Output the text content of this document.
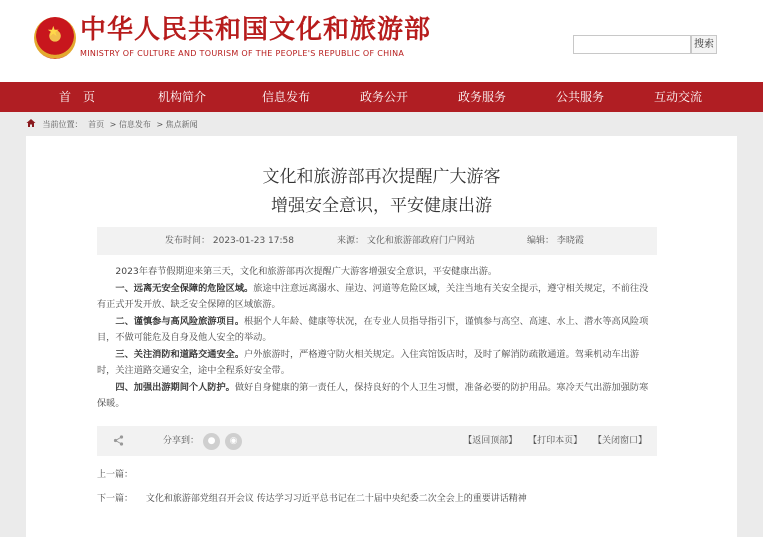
★ 中华人民共和国文化和旅游部
MINISTRY OF CULTURE AND TOURISM OF THE PEOPLE'S REPUBLIC OF CHINA
搜索
首　页	机构简介	信息发布	政务公开	政务服务	公共服务	互动交流
当前位置： 首页 > 信息发布 > 焦点新闻
文化和旅游部再次提醒广大游客
增强安全意识，平安健康出游
发布时间： 2023-01-23 17:58	来源： 文化和旅游部政府门户网站	编辑： 李晓霞

2023年春节假期迎来第三天，文化和旅游部再次提醒广大游客增强安全意识，平安健康出游。

一、远离无安全保障的危险区域。旅途中注意远离溺水、崖边、河道等危险区域，关注当地有关安全提示，遵守相关规定，不前往没有正式开发开放、缺乏安全保障的区域旅游。

二、谨慎参与高风险旅游项目。根据个人年龄、健康等状况，在专业人员指导指引下，谨慎参与高空、高速、水上、潜水等高风险项目，不做可能危及自身及他人安全的举动。

三、关注消防和道路交通安全。户外旅游时，严格遵守防火相关规定。入住宾馆饭店时，及时了解消防疏散通道。驾乘机动车出游时，关注道路交通安全，途中全程系好安全带。

四、加强出游期间个人防护。做好自身健康的第一责任人，保持良好的个人卫生习惯，准备必要的防护用品。寒冷天气出游加强防寒保暖。

分享到： ●	◉	【返回顶部】 【打印本页】 【关闭窗口】
上一篇：
下一篇： 文化和旅游部党组召开会议 传达学习习近平总书记在二十届中央纪委二次全会上的重要讲话精神
